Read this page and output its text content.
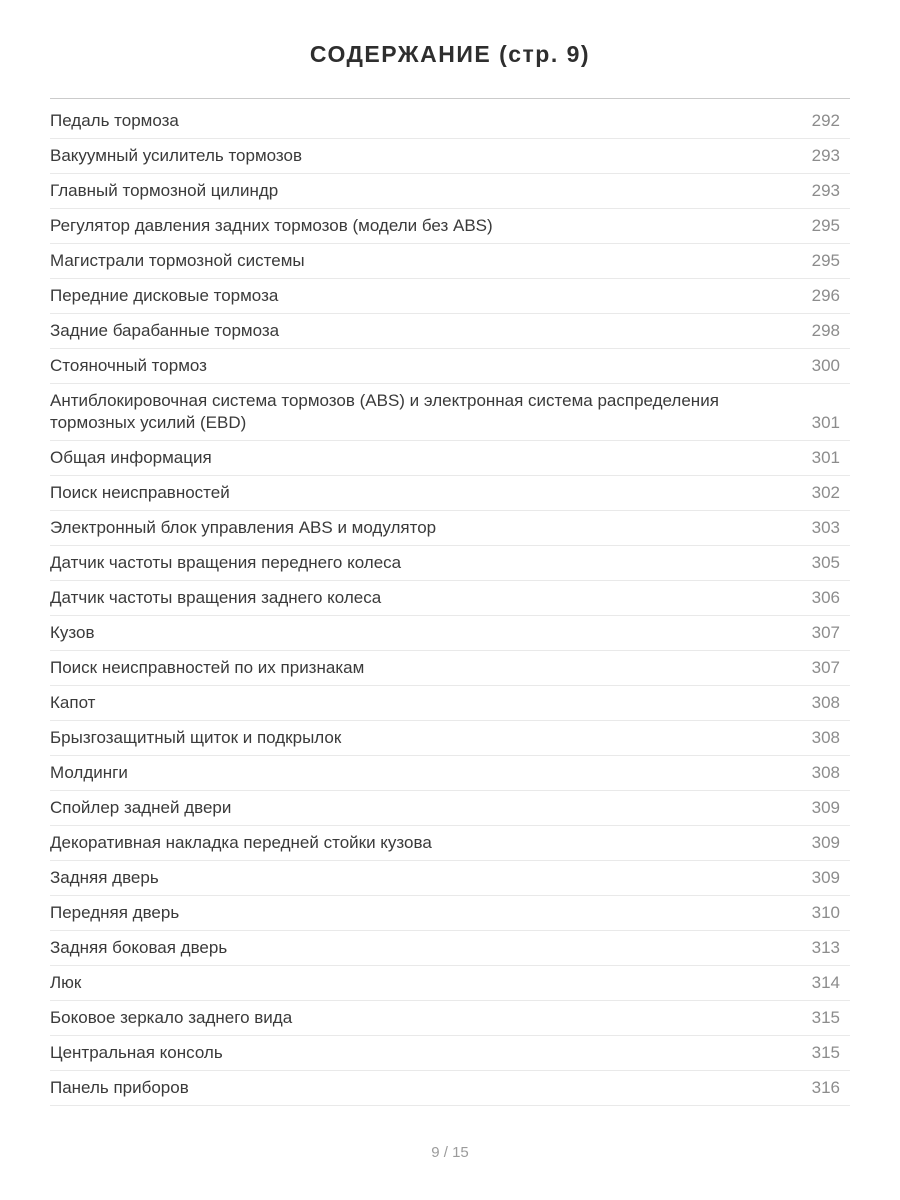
СОДЕРЖАНИЕ (стр. 9)
Педаль тормоза	292
Вакуумный усилитель тормозов	293
Главный тормозной цилиндр	293
Регулятор давления задних тормозов (модели без ABS)	295
Магистрали тормозной системы	295
Передние дисковые тормоза	296
Задние барабанные тормоза	298
Стояночный тормоз	300
Антиблокировочная система тормозов (ABS) и электронная система распределения тормозных усилий (EBD)	301
Общая информация	301
Поиск неисправностей	302
Электронный блок управления ABS и модулятор	303
Датчик частоты вращения переднего колеса	305
Датчик частоты вращения заднего колеса	306
Кузов	307
Поиск неисправностей по их признакам	307
Капот	308
Брызгозащитный щиток и подкрылок	308
Молдинги	308
Спойлер задней двери	309
Декоративная накладка передней стойки кузова	309
Задняя дверь	309
Передняя дверь	310
Задняя боковая дверь	313
Люк	314
Боковое зеркало заднего вида	315
Центральная консоль	315
Панель приборов	316
9 / 15
